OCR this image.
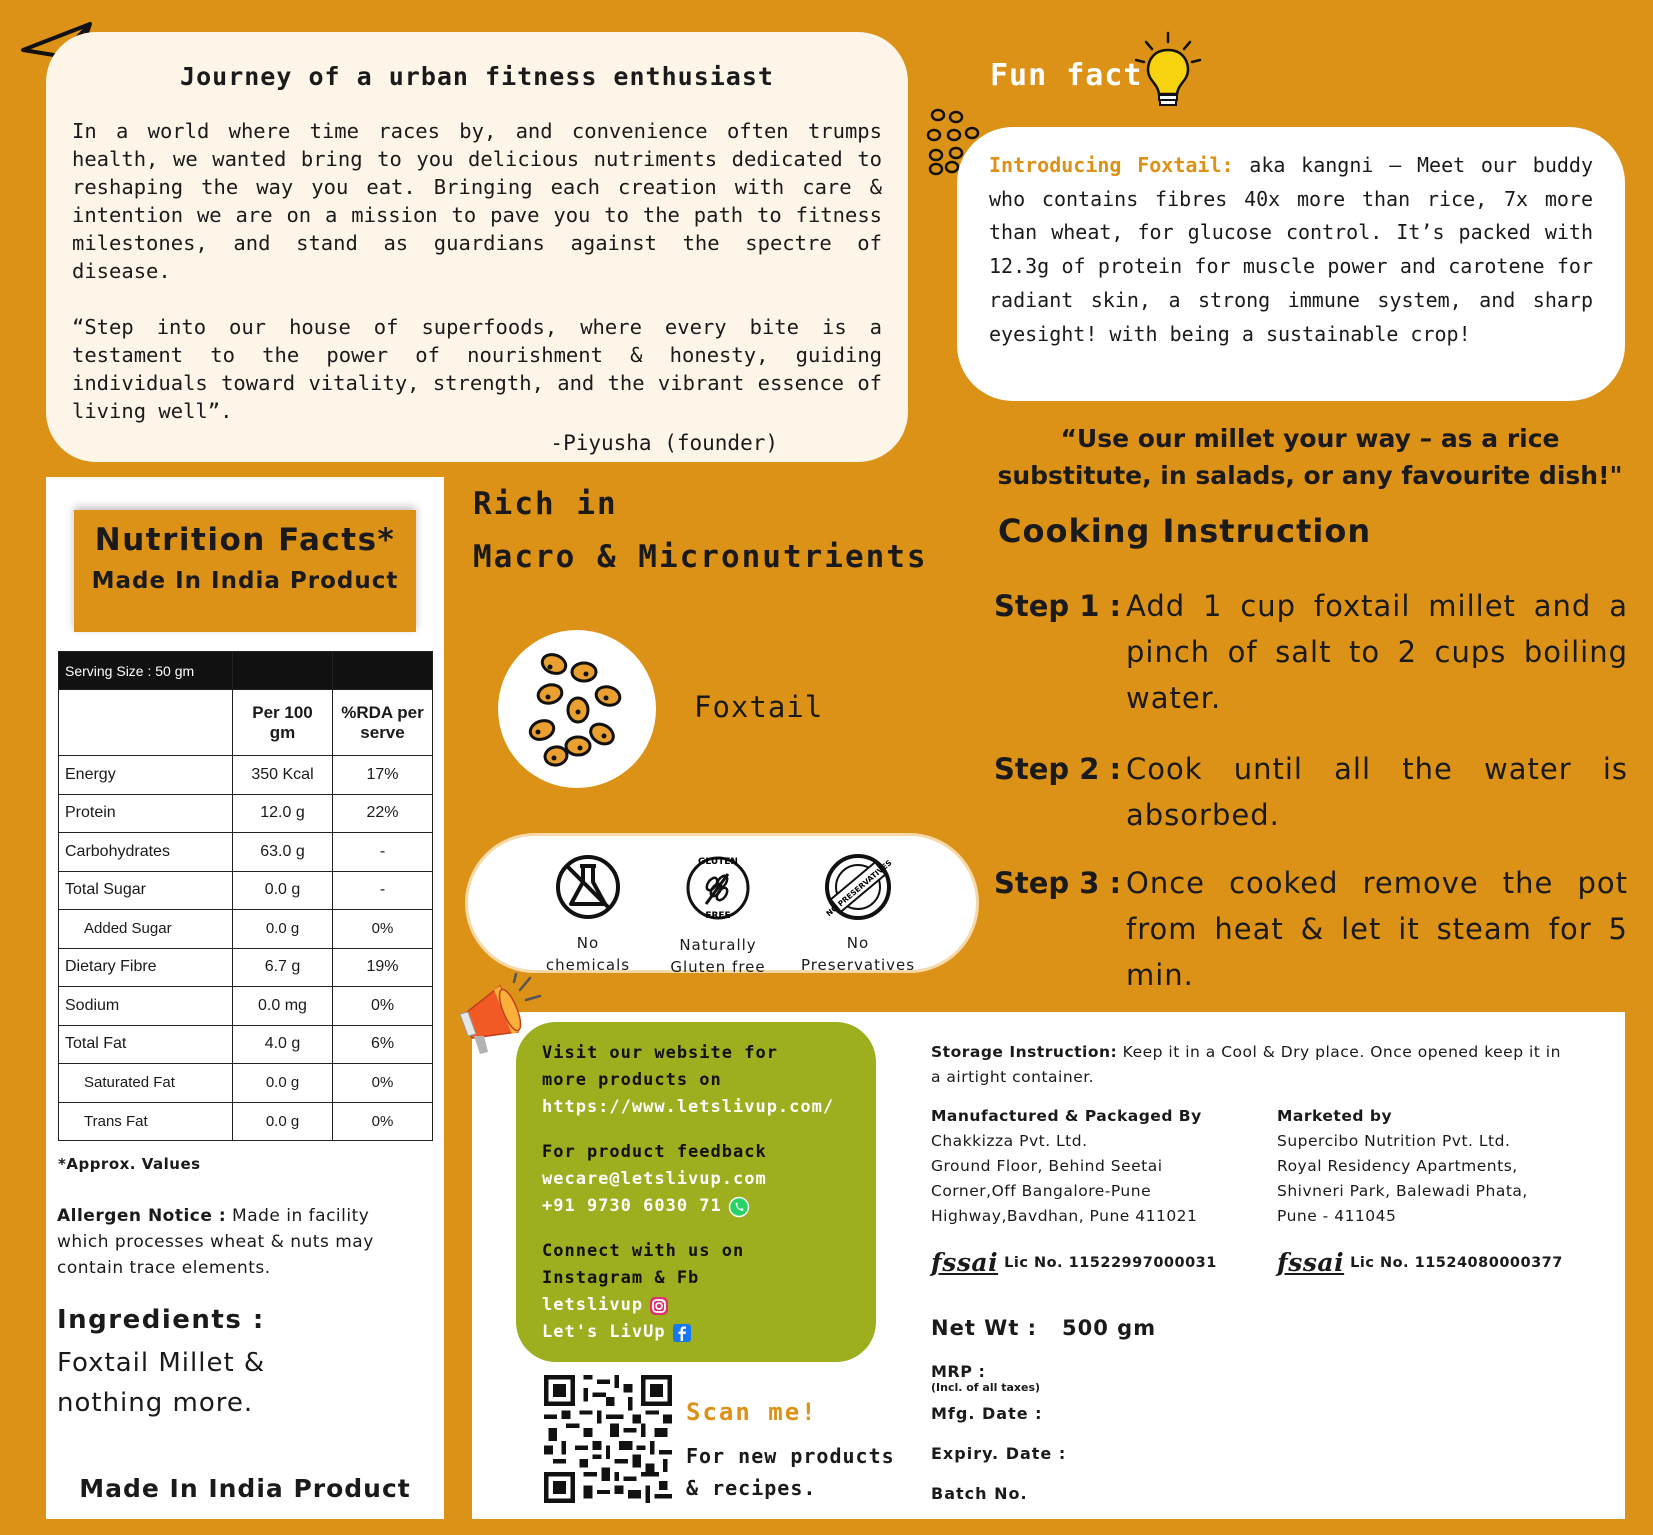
Journey of a urban fitness enthusiast

In a world where time races by, and convenience often trumps health, we wanted bring to you delicious nutriments dedicated to reshaping the way you eat. Bringing each creation with care & intention we are on a mission to pave you to the path to fitness milestones, and stand as guardians against the spectre of disease.

“Step into our house of superfoods, where every bite is a testament to the power of nourishment & honesty, guiding individuals toward vitality, strength, and the vibrant essence of living well”.

-Piyusha (founder)
Fun fact

Introducing Foxtail: aka kangni — Meet our buddy who contains fibres 40x more than rice, 7x more than wheat, for glucose control. It’s packed with 12.3g of protein for muscle power and carotene for radiant skin, a strong immune system, and sharp eyesight! with being a sustainable crop!

“Use our millet your way – as a rice substitute, in salads, or any favourite dish!"
Cooking Instruction
Step 1 : Add 1 cup foxtail millet and a pinch of salt to 2 cups boiling water.
Step 2 : Cook until all the water is absorbed.
Step 3 : Once cooked remove the pot from heat & let it steam for 5 min.
Nutrition Facts*
Made In India Product
Serving Size : 50 gm		
	Per 100 gm	%RDA per serve
Energy	350 Kcal	17%
Protein	12.0 g	22%
Carbohydrates	63.0 g	-
Total Sugar	0.0 g	-
Added Sugar	0.0 g	0%
Dietary Fibre	6.7 g	19%
Sodium	0.0 mg	0%
Total Fat	4.0 g	6%
Saturated Fat	0.0 g	0%
Trans Fat	0.0 g	0%
*Approx. Values
Allergen Notice : Made in facility which processes wheat & nuts may contain trace elements.
Ingredients :
Foxtail Millet & nothing more.
Made In India Product
Rich in
Macro & Micronutrients
Foxtail
No
chemicals
GLUTEN
FREE
Naturally
Gluten free
NO PRESERVATIVES
No
Preservatives
Visit our website for
more products on
https://www.letslivup.com/
For product feedback
wecare@letslivup.com
+91 9730 6030 71
Connect with us on
Instagram & Fb
letslivup
Let's LivUp
Scan me!
For new products
& recipes.
Storage Instruction: Keep it in a Cool & Dry place. Once opened keep it in a airtight container.
Manufactured & Packaged By
Chakkizza Pvt. Ltd.
Ground Floor, Behind Seetai
Corner,Off Bangalore-Pune
Highway,Bavdhan, Pune 411021
Marketed by
Supercibo Nutrition Pvt. Ltd.
Royal Residency Apartments,
Shivneri Park, Balewadi Phata,
Pune - 411045
fssai Lic No. 11522997000031 fssai Lic No. 11524080000377
Net Wt :   500 gm
MRP :
(Incl. of all taxes)
Mfg. Date :
Expiry. Date :
Batch No.
